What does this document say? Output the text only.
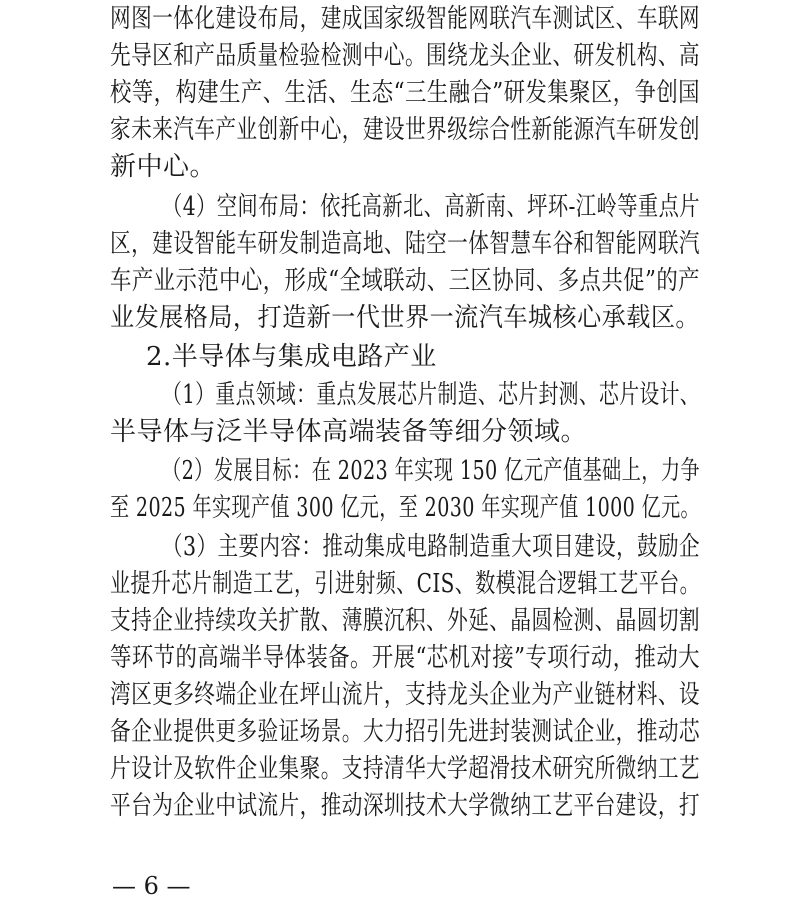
网图一体化建设布局，建成国家级智能网联汽车测试区、车联网
先导区和产品质量检验检测中心。围绕龙头企业、研发机构、高
校等，构建生产、生活、生态“三生融合”研发集聚区，争创国
家未来汽车产业创新中心，建设世界级综合性新能源汽车研发创
新中心。
（4）空间布局：依托高新北、高新南、坪环-江岭等重点片
区，建设智能车研发制造高地、陆空一体智慧车谷和智能网联汽
车产业示范中心，形成“全域联动、三区协同、多点共促”的产
业发展格局，打造新一代世界一流汽车城核心承载区。
2.半导体与集成电路产业
（1）重点领域：重点发展芯片制造、芯片封测、芯片设计、
半导体与泛半导体高端装备等细分领域。
（2）发展目标：在 2023 年实现 150 亿元产值基础上，力争
至 2025 年实现产值 300 亿元，至 2030 年实现产值 1000 亿元。
（3）主要内容：推动集成电路制造重大项目建设，鼓励企
业提升芯片制造工艺，引进射频、CIS、数模混合逻辑工艺平台。
支持企业持续攻关扩散、薄膜沉积、外延、晶圆检测、晶圆切割
等环节的高端半导体装备。开展“芯机对接”专项行动，推动大
湾区更多终端企业在坪山流片，支持龙头企业为产业链材料、设
备企业提供更多验证场景。大力招引先进封装测试企业，推动芯
片设计及软件企业集聚。支持清华大学超滑技术研究所微纳工艺
平台为企业中试流片，推动深圳技术大学微纳工艺平台建设，打
— 6 —
